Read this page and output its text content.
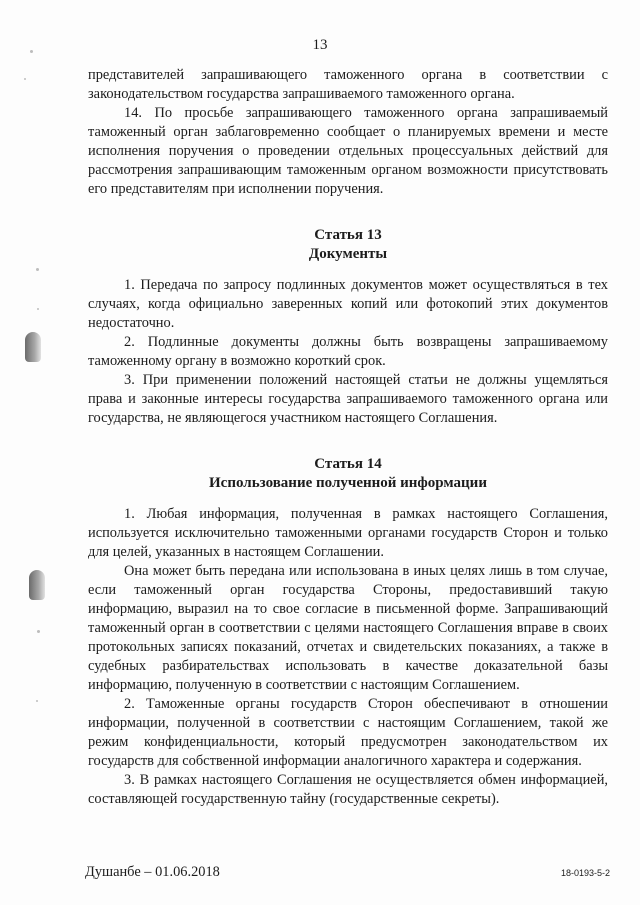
13

представителей запрашивающего таможенного органа в соответствии с законодательством государства запрашиваемого таможенного органа.

14. По просьбе запрашивающего таможенного органа запрашиваемый таможенный орган заблаговременно сообщает о планируемых времени и месте исполнения поручения о проведении отдельных процессуальных действий для рассмотрения запрашивающим таможенным органом возможности присутствовать его представителям при исполнении поручения.

Статья 13
Документы

1. Передача по запросу подлинных документов может осуществляться в тех случаях, когда официально заверенных копий или фотокопий этих документов недостаточно.

2. Подлинные документы должны быть возвращены запрашиваемому таможенному органу в возможно короткий срок.

3. При применении положений настоящей статьи не должны ущемляться права и законные интересы государства запрашиваемого таможенного органа или государства, не являющегося участником настоящего Соглашения.

Статья 14
Использование полученной информации

1. Любая информация, полученная в рамках настоящего Соглашения, используется исключительно таможенными органами государств Сторон и только для целей, указанных в настоящем Соглашении.

Она может быть передана или использована в иных целях лишь в том случае, если таможенный орган государства Стороны, предоставивший такую информацию, выразил на то свое согласие в письменной форме. Запрашивающий таможенный орган в соответствии с целями настоящего Соглашения вправе в своих протокольных записях показаний, отчетах и свидетельских показаниях, а также в судебных разбирательствах использовать в качестве доказательной базы информацию, полученную в соответствии с настоящим Соглашением.

2. Таможенные органы государств Сторон обеспечивают в отношении информации, полученной в соответствии с настоящим Соглашением, такой же режим конфиденциальности, который предусмотрен законодательством их государств для собственной информации аналогичного характера и содержания.

3. В рамках настоящего Соглашения не осуществляется обмен информацией, составляющей государственную тайну (государственные секреты).

Душанбе – 01.06.2018	18-0193-5-2
